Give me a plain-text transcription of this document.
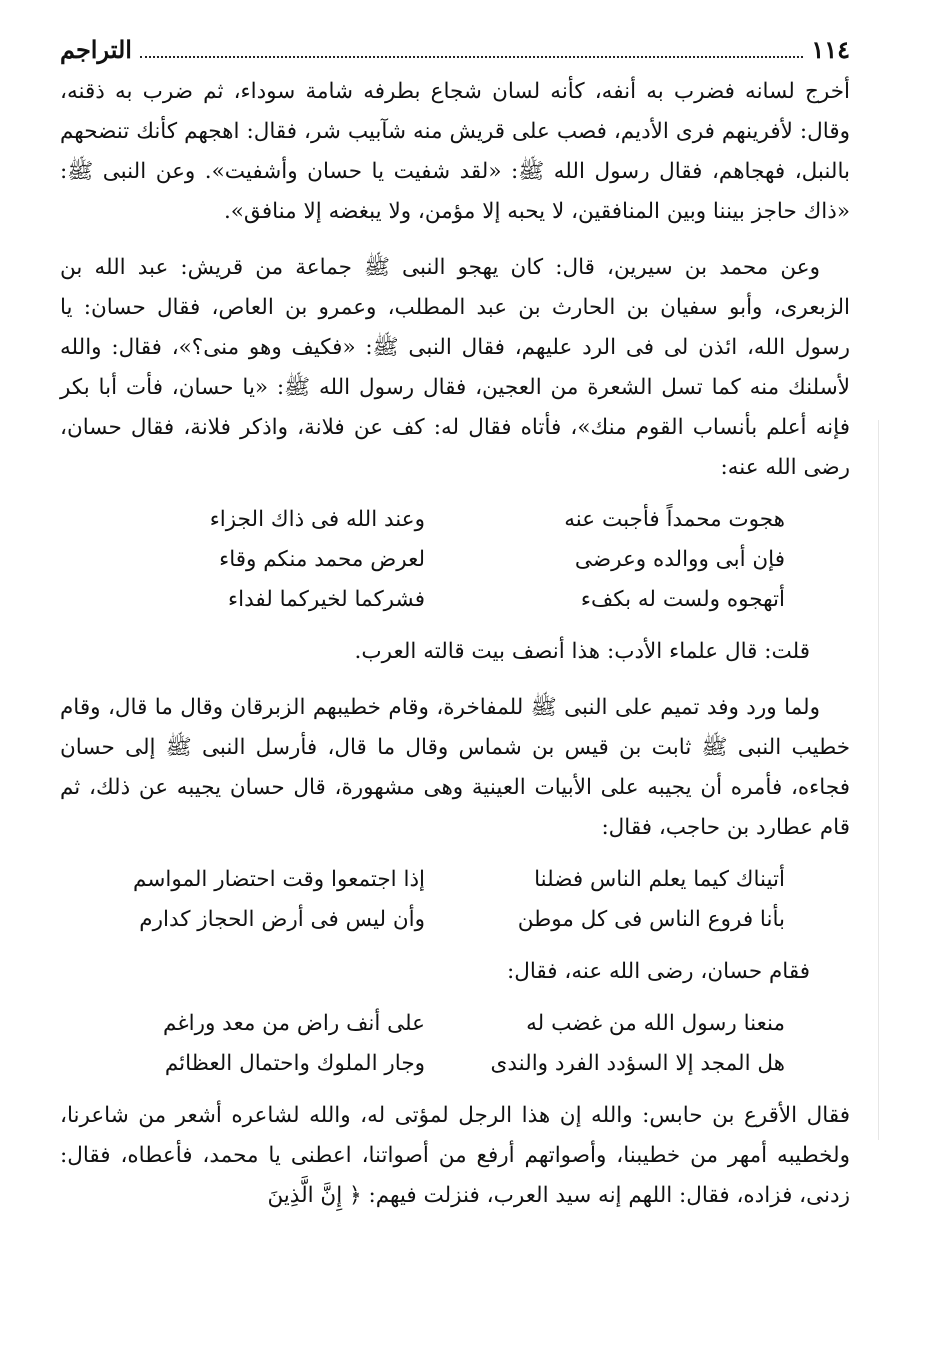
١١٤
التراجم

أخرج لسانه فضرب به أنفه، كأنه لسان شجاع بطرفه شامة سوداء، ثم ضرب به ذقنه، وقال: لأفرينهم فرى الأديم، فصب على قريش منه شآبيب شر، فقال: اهجهم كأنك تنضحهم بالنبل، فهجاهم، فقال رسول الله ﷺ: «لقد شفيت يا حسان وأشفيت». وعن النبى ﷺ: «ذاك حاجز بيننا وبين المنافقين، لا يحبه إلا مؤمن، ولا يبغضه إلا منافق».

وعن محمد بن سيرين، قال: كان يهجو النبى ﷺ جماعة من قريش: عبد الله بن الزبعرى، وأبو سفيان بن الحارث بن عبد المطلب، وعمرو بن العاص، فقال حسان: يا رسول الله، ائذن لى فى الرد عليهم، فقال النبى ﷺ: «فكيف وهو منى؟»، فقال: والله لأسلنك منه كما تسل الشعرة من العجين، فقال رسول الله ﷺ: «يا حسان، فأت أبا بكر فإنه أعلم بأنساب القوم منك»، فأتاه فقال له: كف عن فلانة، واذكر فلانة، فقال حسان، رضى الله عنه:

هجوت محمداً فأجبت عنه
وعند الله فى ذاك الجزاء
فإن أبى ووالده وعرضى
لعرض محمد منكم وقاء
أتهجوه ولست له بكفء
فشركما لخيركما لفداء
قلت: قال علماء الأدب: هذا أنصف بيت قالته العرب.

ولما ورد وفد تميم على النبى ﷺ للمفاخرة، وقام خطيبهم الزبرقان وقال ما قال، وقام خطيب النبى ﷺ ثابت بن قيس بن شماس وقال ما قال، فأرسل النبى ﷺ إلى حسان فجاءه، فأمره أن يجيبه على الأبيات العينية وهى مشهورة، قال حسان يجيبه عن ذلك، ثم قام عطارد بن حاجب، فقال:

أتيناك كيما يعلم الناس فضلنا
إذا اجتمعوا وقت احتضار المواسم
بأنا فروع الناس فى كل موطن
وأن ليس فى أرض الحجاز كدارم
فقام حسان، رضى الله عنه، فقال:
منعنا رسول الله من غضب له
على أنف راض من معد وراغم
هل المجد إلا السؤدد الفرد والندى
وجار الملوك واحتمال العظائم

فقال الأقرع بن حابس: والله إن هذا الرجل لمؤتى له، والله لشاعره أشعر من شاعرنا، ولخطيبه أمهر من خطيبنا، وأصواتهم أرفع من أصواتنا، اعطنى يا محمد، فأعطاه، فقال: زدنى، فزاده، فقال: اللهم إنه سيد العرب، فنزلت فيهم: ﴿ إِنَّ الَّذِينَ
